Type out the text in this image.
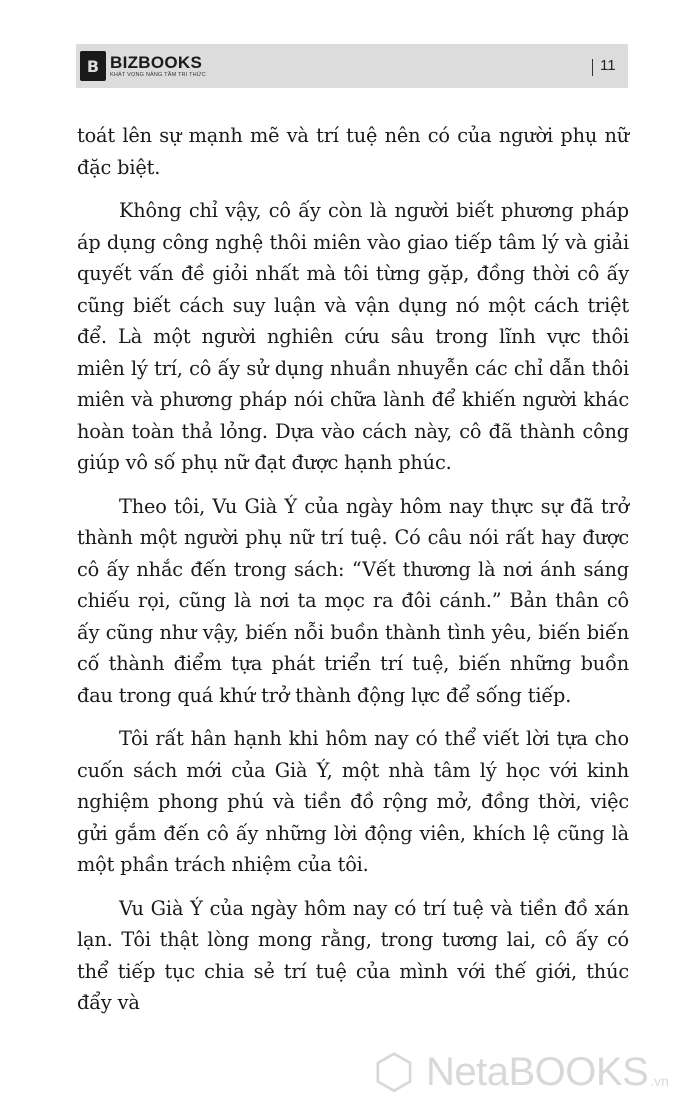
B BIZBOOKS
KHÁT VỌNG NÂNG TẦM TRI THỨC
11

toát lên sự mạnh mẽ và trí tuệ nên có của người phụ nữ đặc biệt.

Không chỉ vậy, cô ấy còn là người biết phương pháp áp dụng công nghệ thôi miên vào giao tiếp tâm lý và giải quyết vấn đề giỏi nhất mà tôi từng gặp, đồng thời cô ấy cũng biết cách suy luận và vận dụng nó một cách triệt để. Là một người nghiên cứu sâu trong lĩnh vực thôi miên lý trí, cô ấy sử dụng nhuần nhuyễn các chỉ dẫn thôi miên và phương pháp nói chữa lành để khiến người khác hoàn toàn thả lỏng. Dựa vào cách này, cô đã thành công giúp vô số phụ nữ đạt được hạnh phúc.

Theo tôi, Vu Già Ý của ngày hôm nay thực sự đã trở thành một người phụ nữ trí tuệ. Có câu nói rất hay được cô ấy nhắc đến trong sách: “Vết thương là nơi ánh sáng chiếu rọi, cũng là nơi ta mọc ra đôi cánh.” Bản thân cô ấy cũng như vậy, biến nỗi buồn thành tình yêu, biến biến cố thành điểm tựa phát triển trí tuệ, biến những buồn đau trong quá khứ trở thành động lực để sống tiếp.

Tôi rất hân hạnh khi hôm nay có thể viết lời tựa cho cuốn sách mới của Già Ý, một nhà tâm lý học với kinh nghiệm phong phú và tiền đồ rộng mở, đồng thời, việc gửi gắm đến cô ấy những lời động viên, khích lệ cũng là một phần trách nhiệm của tôi.

Vu Già Ý của ngày hôm nay có trí tuệ và tiền đồ xán lạn. Tôi thật lòng mong rằng, trong tương lai, cô ấy có thể tiếp tục chia sẻ trí tuệ của mình với thế giới, thúc đẩy và

⬡ NetaBOOKS .vn
